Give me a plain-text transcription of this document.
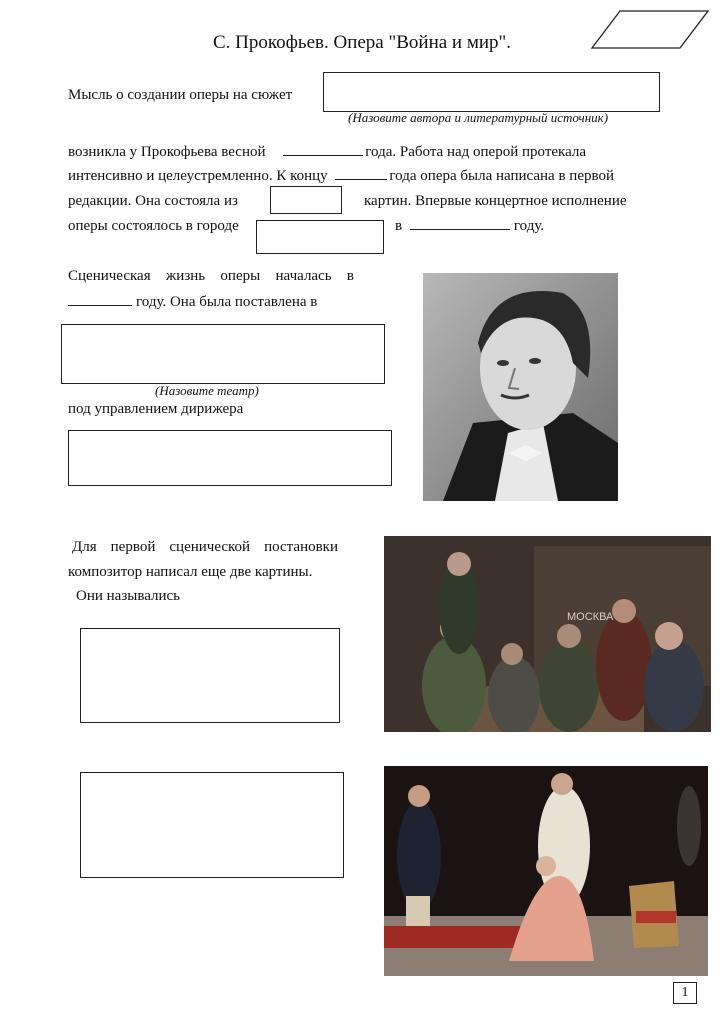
С. Прокофьев. Опера "Война и мир".
Мысль о создании оперы на сюжет
(Назовите автора и литературный источник)
возникла у Прокофьева весной	года. Работа над оперой протекала
интенсивно и целеустремленно. К концу	года опера была написана в первой
редакции. Она состояла из	картин. Впервые концертное исполнение
оперы состоялось в городе	в	году.
Сценическая жизнь оперы началась в
году. Она была поставлена в
(Назовите театр)
под управлением дирижера
Для первой сценической постановки
композитор написал еще две картины.
Они назывались
МОСКВА
1
